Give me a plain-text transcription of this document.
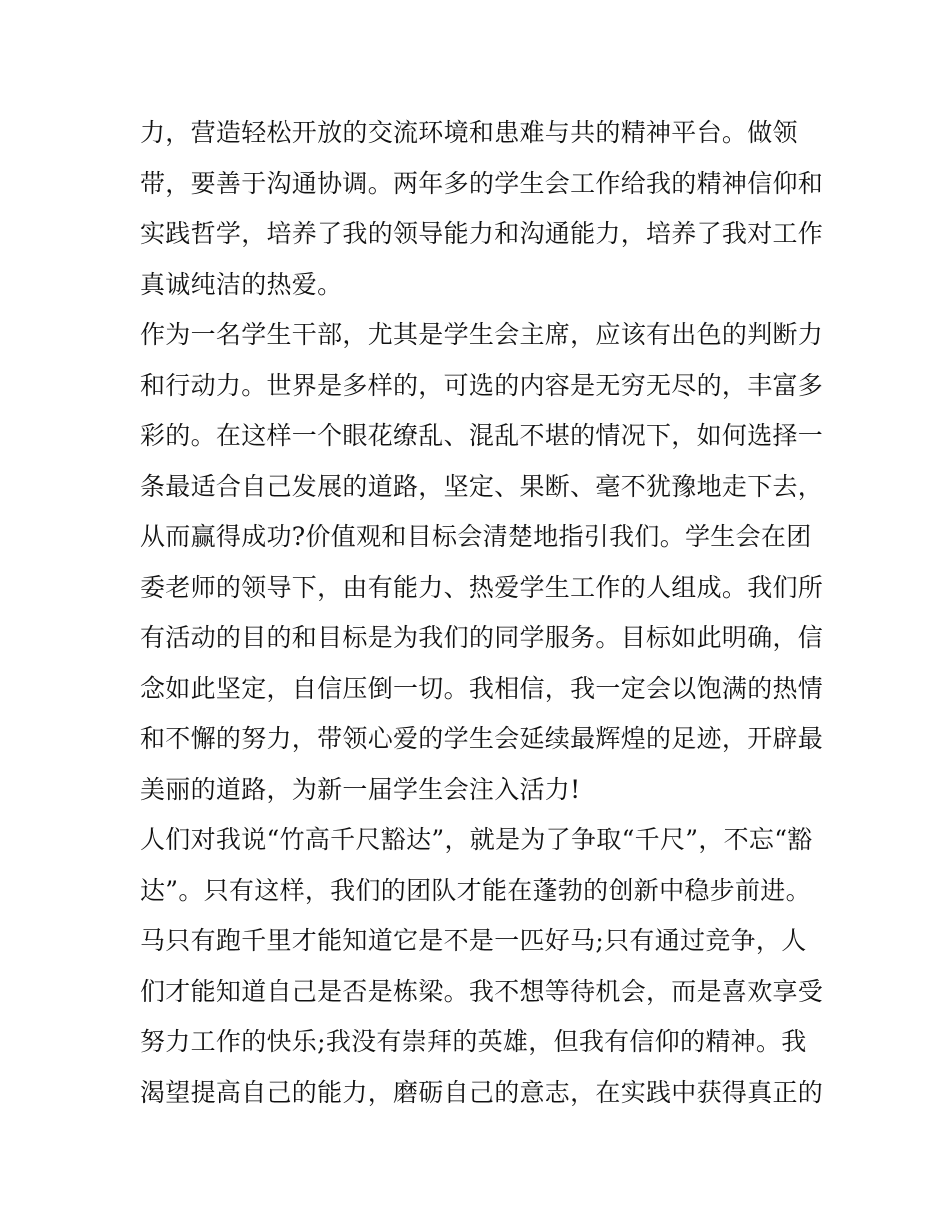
力，营造轻松开放的交流环境和患难与共的精神平台。做领
带，要善于沟通协调。两年多的学生会工作给我的精神信仰和
实践哲学，培养了我的领导能力和沟通能力，培养了我对工作
真诚纯洁的热爱。
作为一名学生干部，尤其是学生会主席，应该有出色的判断力
和行动力。世界是多样的，可选的内容是无穷无尽的，丰富多
彩的。在这样一个眼花缭乱、混乱不堪的情况下，如何选择一
条最适合自己发展的道路，坚定、果断、毫不犹豫地走下去，
从而赢得成功?价值观和目标会清楚地指引我们。学生会在团
委老师的领导下，由有能力、热爱学生工作的人组成。我们所
有活动的目的和目标是为我们的同学服务。目标如此明确，信
念如此坚定，自信压倒一切。我相信，我一定会以饱满的热情
和不懈的努力，带领心爱的学生会延续最辉煌的足迹，开辟最
美丽的道路，为新一届学生会注入活力!
人们对我说“竹高千尺豁达”，就是为了争取“千尺”，不忘“豁
达”。只有这样，我们的团队才能在蓬勃的创新中稳步前进。
马只有跑千里才能知道它是不是一匹好马;只有通过竞争，人
们才能知道自己是否是栋梁。我不想等待机会，而是喜欢享受
努力工作的快乐;我没有崇拜的英雄，但我有信仰的精神。我
渴望提高自己的能力，磨砺自己的意志，在实践中获得真正的
